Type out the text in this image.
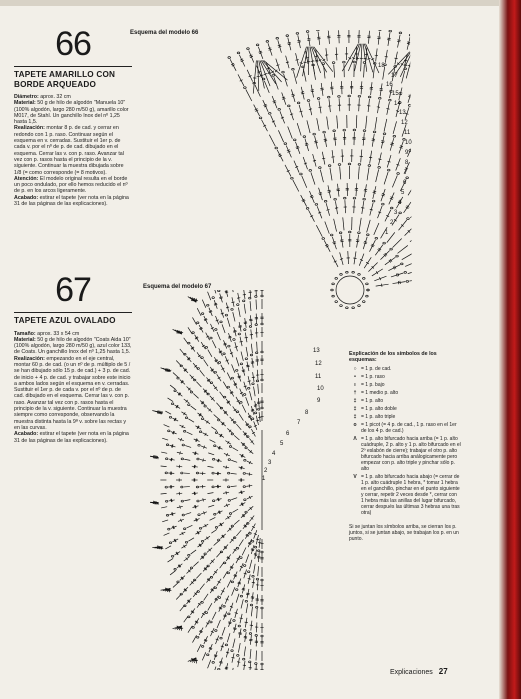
66

TAPETE AMARILLO CON BORDE ARQUEADO

Diámetro: aprox. 32 cm

Material: 50 g de hilo de algodón "Manuela 10" (100% algodón, largo 280 m/50 g), amarillo color M017, de Stahl. Un ganchillo Inox del nº 1,25 hasta 1,5.

Realización: montar 8 p. de cad. y cerrar en redondo con 1 p. raso. Continuar según el esquema en v. cerradas. Sustituir el 1er p. de cada v. por el nº de p. de cad. dibujado en el esquema. Cerrar las v. con p. raso. Avanzar tal vez con p. rasos hasta el principio de la v. siguiente. Continuar la muestra dibujada sobre 1/8 (= como corresponde (= 8 motivos).

Atención: El modelo original resulta en el borde un poco ondulado, por ello hemos reducido el nº de p. en los arcos ligeramente.

Acabado: estirar el tapete (ver nota en la página 31 de las páginas de las explicaciones).

67

TAPETE AZUL OVALADO

Tamaño: aprox. 33 x 54 cm

Material: 50 g de hilo de algodón "Coats Aida 10" (100% algodón, largo 280 m/50 g), azul color 133, de Coats. Un ganchillo Inox del nº 1,25 hasta 1,5.

Realización: empezando en el eje central, montar 60 p. de cad. (o un nº de p. múltiplo de 5 / se han dibujado sólo 15 p. de cad.) + 3 p. de cad. de inicio + 4 p. de cad. y trabajar sobre este inicio a ambos lados según el esquema en v. cerradas. Sustituir el 1er p. de cada v. por el nº de p. de cad. dibujado en el esquema. Cerrar las v. con p. raso. Avanzar tal vez con p. rasos hasta el principio de la v. siguiente. Continuar la muestra siempre como corresponde, observando la muestra distinta hasta la 9ª v. sobre las rectas y en las curvas.

Acabado: estirar el tapete (ver nota en la página 31 de las páginas de las explicaciones).

Esquema del modelo 66
Esquema del modelo 67
18
17
16
15
14
13
12
11
10
9
8
7
6
5
4
3
2
1
13
12
11
10
9
8
7
6
5
4
3
2
1
Explicación de los símbolos de los esquemas:
○ = 1 p. de cad.
•	= 1 p. raso
ı	= 1 p. bajo
† = 1 medio p. alto
‡ = 1 p. alto
‡ = 1 p. alto doble
‡ = 1 p. alto triple
ᴏ = 1 picot (= 4 p. de cad., 1 p. raso en el 1er de los 4 p. de cad.)
Λ = 1 p. alto bifurcado hacia arriba (= 1 p. alto cuádruple, 2 p. alto y 1 p. alto bifurcado en el 2º eslabón de cierre); trabajar el otro p. alto bifurcado hacia arriba análogicamente pero empezar con p. alto triple y pinchar sólo p. alto
V = 1 p. alto bifurcado hacia abajo (= cerrar de 1 p. alto cuádruple 1 hebra, * tomar 1 hebra en el ganchillo, pinchar en el punto siguiente y cerrar, repetir 2 veces desde *, cerrar con 1 hebra más las anillas del lugar bifurcado, cerrar después las últimas 3 hebras una tras otra)
Si se juntan los símbolos arriba, se cierran los p. juntos, si se juntan abajo, se trabajan los p. en un punto.
Explicaciones 27
